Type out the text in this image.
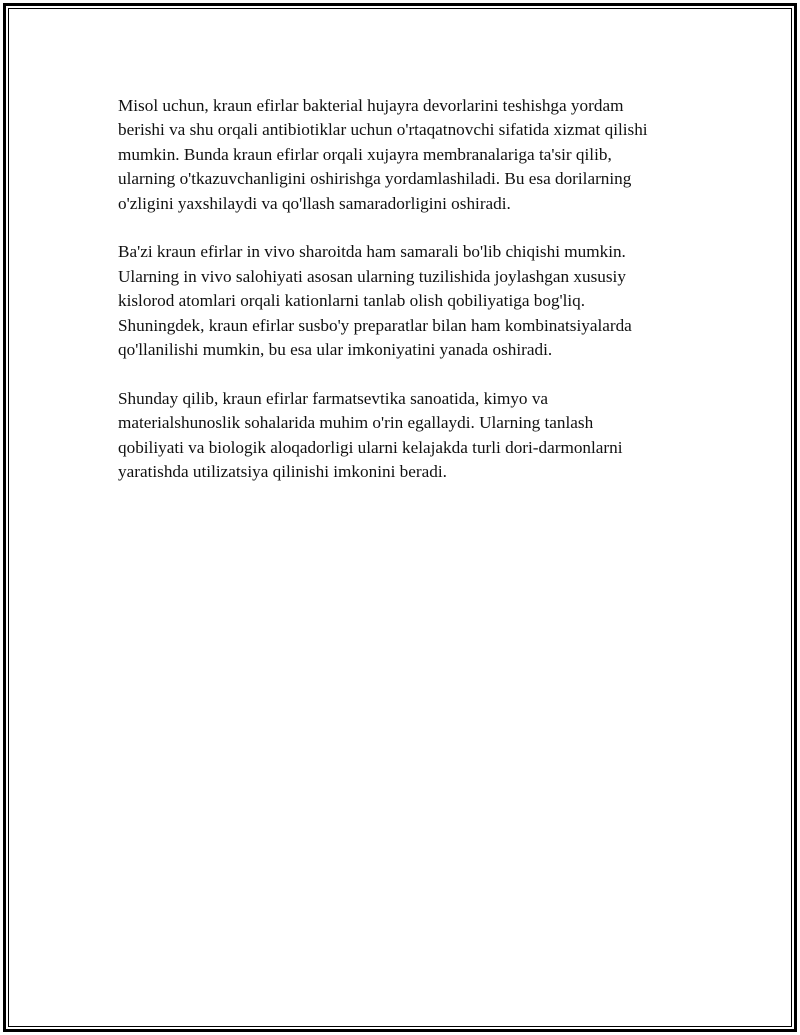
Misol uchun, kraun efirlar bakterial hujayra devorlarini teshishga yordam
berishi va shu orqali antibiotiklar uchun o'rtaqatnovchi sifatida xizmat qilishi
mumkin. Bunda kraun efirlar orqali xujayra membranalariga ta'sir qilib,
ularning o'tkazuvchanligini oshirishga yordamlashiladi. Bu esa dorilarning
o'zligini yaxshilaydi va qo'llash samaradorligini oshiradi.

Ba'zi kraun efirlar in vivo sharoitda ham samarali bo'lib chiqishi mumkin.
Ularning in vivo salohiyati asosan ularning tuzilishida joylashgan xususiy
kislorod atomlari orqali kationlarni tanlab olish qobiliyatiga bog'liq.
Shuningdek, kraun efirlar susbo'y preparatlar bilan ham kombinatsiyalarda
qo'llanilishi mumkin, bu esa ular imkoniyatini yanada oshiradi.

Shunday qilib, kraun efirlar farmatsevtika sanoatida, kimyo va
materialshunoslik sohalarida muhim o'rin egallaydi. Ularning tanlash
qobiliyati va biologik aloqadorligi ularni kelajakda turli dori-darmonlarni
yaratishda utilizatsiya qilinishi imkonini beradi.
